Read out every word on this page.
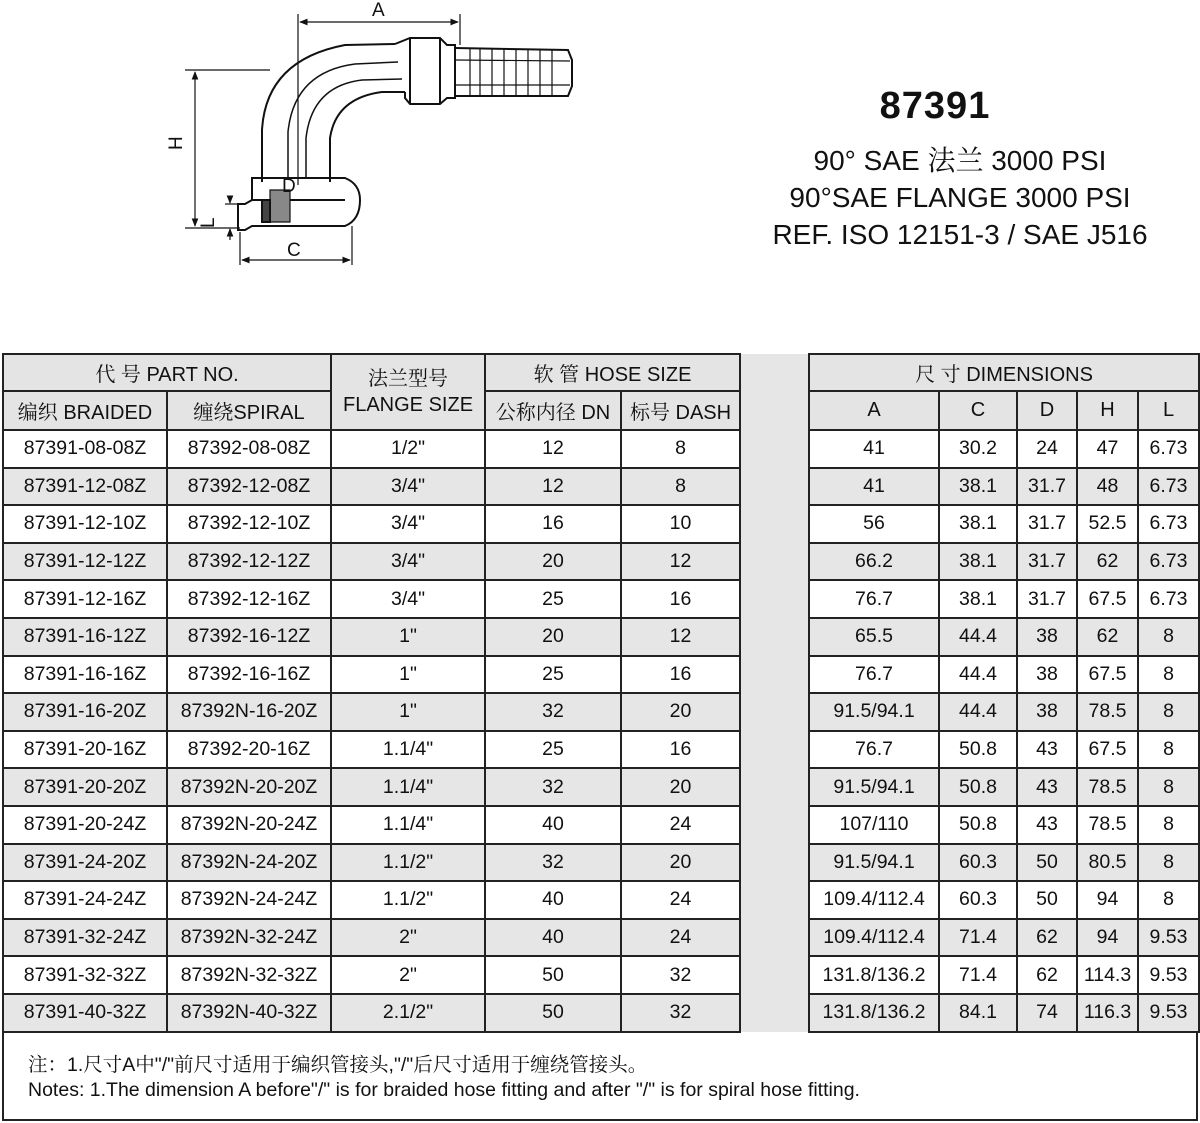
A
H
L
D
C
87391

90° SAE 法兰 3000 PSI

90°SAE FLANGE 3000 PSI

REF. ISO 12151-3 / SAE J516

代 号 PART NO.		法兰型号
FLANGE SIZE	软 管 HOSE SIZE			尺 寸 DIMENSIONS				
编织 BRAIDED	缠绕SPIRAL		公称内径 DN	标号 DASH		A	C	D	H	L
87391-08-08Z	87392-08-08Z	1/2"	12	8		41	30.2	24	47	6.73
87391-12-08Z	87392-12-08Z	3/4"	12	8		41	38.1	31.7	48	6.73
87391-12-10Z	87392-12-10Z	3/4"	16	10		56	38.1	31.7	52.5	6.73
87391-12-12Z	87392-12-12Z	3/4"	20	12		66.2	38.1	31.7	62	6.73
87391-12-16Z	87392-12-16Z	3/4"	25	16		76.7	38.1	31.7	67.5	6.73
87391-16-12Z	87392-16-12Z	1"	20	12		65.5	44.4	38	62	8
87391-16-16Z	87392-16-16Z	1"	25	16		76.7	44.4	38	67.5	8
87391-16-20Z	87392N-16-20Z	1"	32	20		91.5/94.1	44.4	38	78.5	8
87391-20-16Z	87392-20-16Z	1.1/4"	25	16		76.7	50.8	43	67.5	8
87391-20-20Z	87392N-20-20Z	1.1/4"	32	20		91.5/94.1	50.8	43	78.5	8
87391-20-24Z	87392N-20-24Z	1.1/4"	40	24		107/110	50.8	43	78.5	8
87391-24-20Z	87392N-24-20Z	1.1/2"	32	20		91.5/94.1	60.3	50	80.5	8
87391-24-24Z	87392N-24-24Z	1.1/2"	40	24		109.4/112.4	60.3	50	94	8
87391-32-24Z	87392N-32-24Z	2"	40	24		109.4/112.4	71.4	62	94	9.53
87391-32-32Z	87392N-32-32Z	2"	50	32		131.8/136.2	71.4	62	114.3	9.53
87391-40-32Z	87392N-40-32Z	2.1/2"	50	32		131.8/136.2	84.1	74	116.3	9.53
注：1.尺寸A中"/"前尺寸适用于编织管接头,"/"后尺寸适用于缠绕管接头。
Notes: 1.The dimension A before"/" is for braided hose fitting and after "/" is for spiral hose fitting.
